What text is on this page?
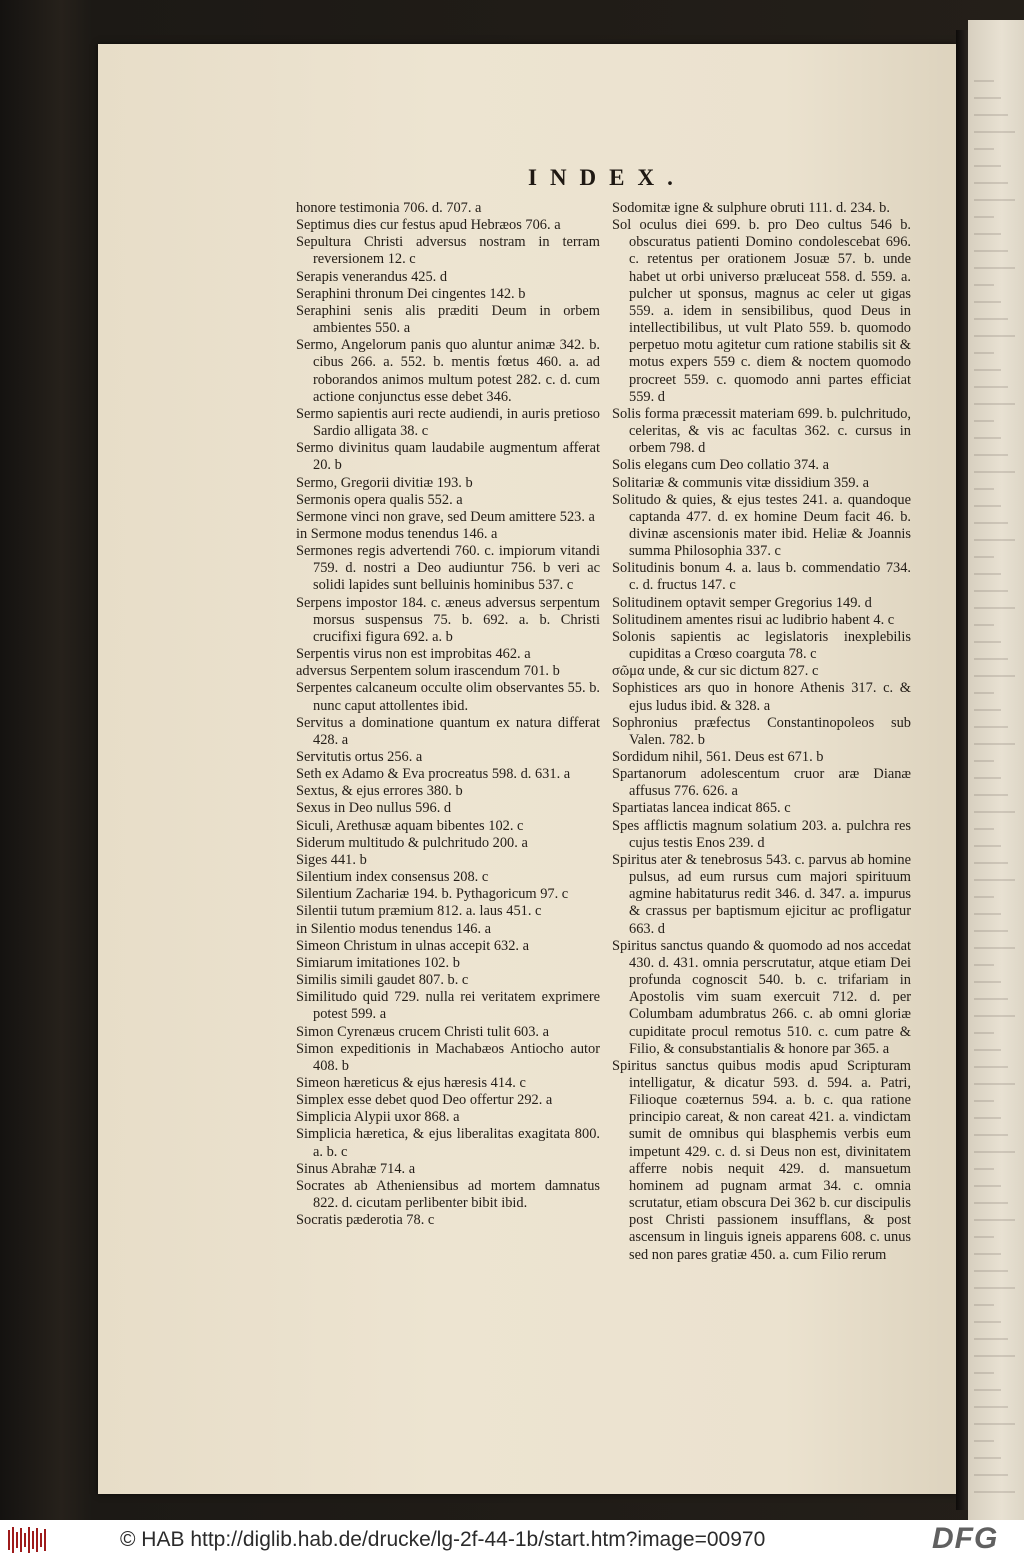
INDEX.
honore testimonia 706. d. 707. a
Septimus dies cur festus apud Hebræos 706. a
Sepultura Christi adversus nostram in terram reversionem 12. c
Serapis venerandus 425. d
Seraphini thronum Dei cingentes 142. b
Seraphini senis alis præditi Deum in orbem ambientes 550. a
Sermo, Angelorum panis quo aluntur animæ 342. b. cibus 266. a. 552. b. mentis fœtus 460. a. ad roborandos animos multum potest 282. c. d. cum actione conjunctus esse debet 346.
Sermo sapientis auri recte audiendi, in auris pretioso Sardio alligata 38. c
Sermo divinitus quam laudabile augmentum afferat 20. b
Sermo, Gregorii divitiæ 193. b
Sermonis opera qualis 552. a
Sermone vinci non grave, sed Deum amittere 523. a
in Sermone modus tenendus 146. a
Sermones regis advertendi 760. c. impiorum vitandi 759. d. nostri a Deo audiuntur 756. b veri ac solidi lapides sunt belluinis hominibus 537. c
Serpens impostor 184. c. æneus adversus serpentum morsus suspensus 75. b. 692. a. b. Christi crucifixi figura 692. a. b
Serpentis virus non est improbitas 462. a
adversus Serpentem solum irascendum 701. b
Serpentes calcaneum occulte olim observantes 55. b. nunc caput attollentes ibid.
Servitus a dominatione quantum ex natura differat 428. a
Servitutis ortus 256. a
Seth ex Adamo & Eva procreatus 598. d. 631. a
Sextus, & ejus errores 380. b
Sexus in Deo nullus 596. d
Siculi, Arethusæ aquam bibentes 102. c
Siderum multitudo & pulchritudo 200. a
Siges 441. b
Silentium index consensus 208. c
Silentium Zachariæ 194. b. Pythagoricum 97. c
Silentii tutum præmium 812. a. laus 451. c
in Silentio modus tenendus 146. a
Simeon Christum in ulnas accepit 632. a
Simiarum imitationes 102. b
Similis simili gaudet 807. b. c
Similitudo quid 729. nulla rei veritatem exprimere potest 599. a
Simon Cyrenæus crucem Christi tulit 603. a
Simon expeditionis in Machabæos Antiocho autor 408. b
Simeon hæreticus & ejus hæresis 414. c
Simplex esse debet quod Deo offertur 292. a
Simplicia Alypii uxor 868. a
Simplicia hæretica, & ejus liberalitas exagitata 800. a. b. c
Sinus Abrahæ 714. a
Socrates ab Atheniensibus ad mortem damnatus 822. d. cicutam perlibenter bibit ibid.
Socratis pæderotia 78. c
Sodomitæ igne & sulphure obruti 111. d. 234. b.
Sol oculus diei 699. b. pro Deo cultus 546 b. obscuratus patienti Domino condolescebat 696. c. retentus per orationem Josuæ 57. b. unde habet ut orbi universo præluceat 558. d. 559. a. pulcher ut sponsus, magnus ac celer ut gigas 559. a. idem in sensibilibus, quod Deus in intellectibilibus, ut vult Plato 559. b. quomodo perpetuo motu agitetur cum ratione stabilis sit & motus expers 559 c. diem & noctem quomodo procreet 559. c. quomodo anni partes efficiat 559. d
Solis forma præcessit materiam 699. b. pulchritudo, celeritas, & vis ac facultas 362. c. cursus in orbem 798. d
Solis elegans cum Deo collatio 374. a
Solitariæ & communis vitæ dissidium 359. a
Solitudo & quies, & ejus testes 241. a. quandoque captanda 477. d. ex homine Deum facit 46. b. divinæ ascensionis mater ibid. Heliæ & Joannis summa Philosophia 337. c
Solitudinis bonum 4. a. laus b. commendatio 734. c. d. fructus 147. c
Solitudinem optavit semper Gregorius 149. d
Solitudinem amentes risui ac ludibrio habent 4. c
Solonis sapientis ac legislatoris inexplebilis cupiditas a Crœso coarguta 78. c
σῶμα unde, & cur sic dictum 827. c
Sophistices ars quo in honore Athenis 317. c. & ejus ludus ibid. & 328. a
Sophronius præfectus Constantinopoleos sub Valen. 782. b
Sordidum nihil, 561. Deus est 671. b
Spartanorum adolescentum cruor aræ Dianæ affusus 776. 626. a
Spartiatas lancea indicat 865. c
Spes afflictis magnum solatium 203. a. pulchra res cujus testis Enos 239. d
Spiritus ater & tenebrosus 543. c. parvus ab homine pulsus, ad eum rursus cum majori spirituum agmine habitaturus redit 346. d. 347. a. impurus & crassus per baptismum ejicitur ac profligatur 663. d
Spiritus sanctus quando & quomodo ad nos accedat 430. d. 431. omnia perscrutatur, atque etiam Dei profunda cognoscit 540. b. c. trifariam in Apostolis vim suam exercuit 712. d. per Columbam adumbratus 266. c. ab omni gloriæ cupiditate procul remotus 510. c. cum patre & Filio, & consubstantialis & honore par 365. a
Spiritus sanctus quibus modis apud Scripturam intelligatur, & dicatur 593. d. 594. a. Patri, Filioque coæternus 594. a. b. c. qua ratione principio careat, & non careat 421. a. vindictam sumit de omnibus qui blasphemis verbis eum impetunt 429. c. d. si Deus non est, divinitatem afferre nobis nequit 429. d. mansuetum hominem ad pugnam armat 34. c. omnia scrutatur, etiam obscura Dei 362 b. cur discipulis post Christi passionem insufflans, & post ascensum in linguis igneis apparens 608. c. unus sed non pares gratiæ 450. a. cum Filio rerum
© HAB http://diglib.hab.de/drucke/lg-2f-44-1b/start.htm?image=00970	DFG
